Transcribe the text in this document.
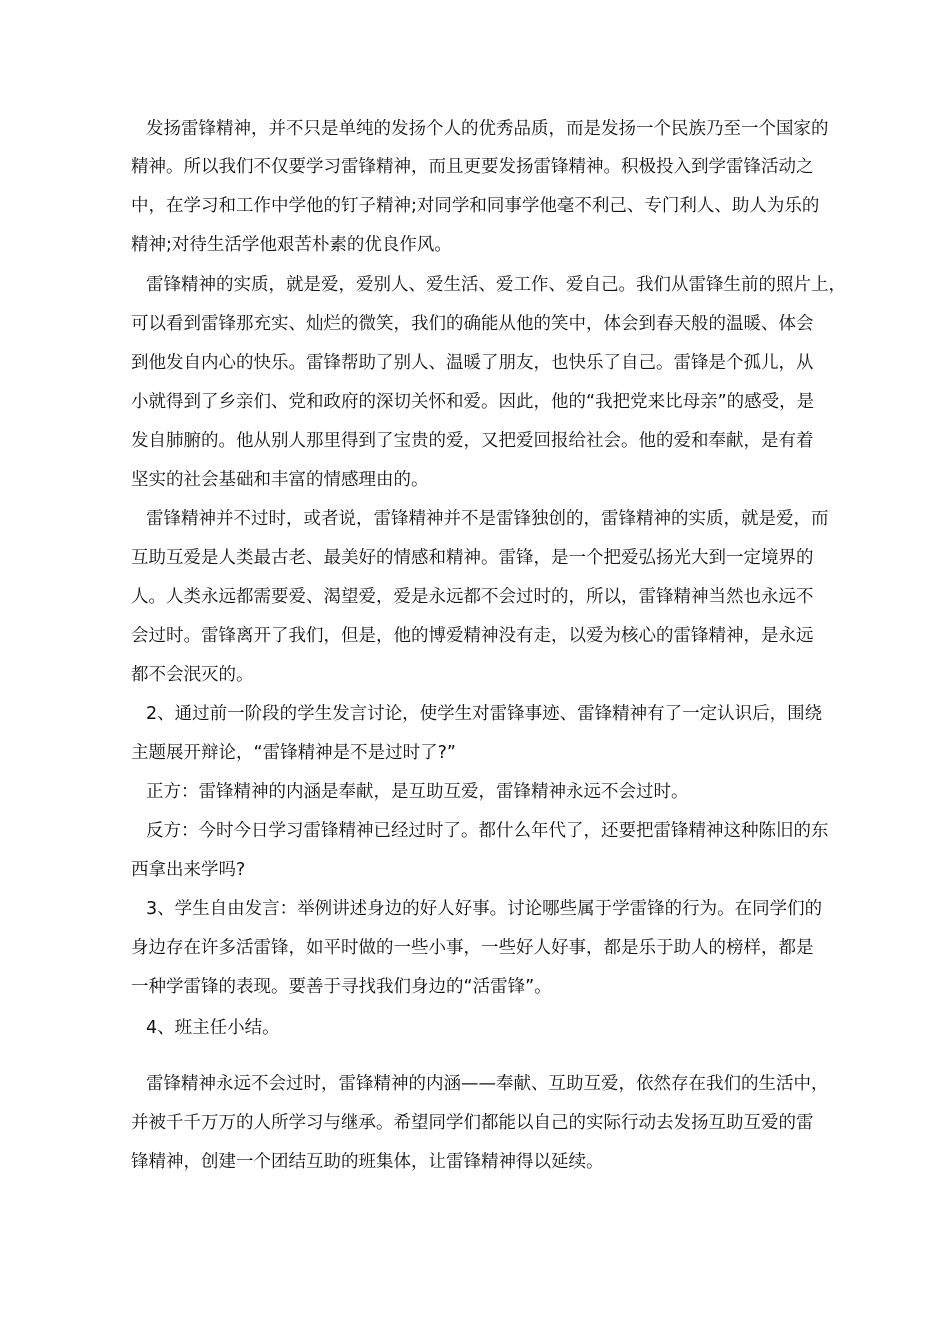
发扬雷锋精神，并不只是单纯的发扬个人的优秀品质，而是发扬一个民族乃至一个国家的
精神。所以我们不仅要学习雷锋精神，而且更要发扬雷锋精神。积极投入到学雷锋活动之
中，在学习和工作中学他的钉子精神;对同学和同事学他毫不利己、专门利人、助人为乐的
精神;对待生活学他艰苦朴素的优良作风。
雷锋精神的实质，就是爱，爱别人、爱生活、爱工作、爱自己。我们从雷锋生前的照片上，
可以看到雷锋那充实、灿烂的微笑，我们的确能从他的笑中，体会到春天般的温暖、体会
到他发自内心的快乐。雷锋帮助了别人、温暖了朋友，也快乐了自己。雷锋是个孤儿，从
小就得到了乡亲们、党和政府的深切关怀和爱。因此，他的“我把党来比母亲”的感受，是
发自肺腑的。他从别人那里得到了宝贵的爱，又把爱回报给社会。他的爱和奉献，是有着
坚实的社会基础和丰富的情感理由的。
雷锋精神并不过时，或者说，雷锋精神并不是雷锋独创的，雷锋精神的实质，就是爱，而
互助互爱是人类最古老、最美好的情感和精神。雷锋，是一个把爱弘扬光大到一定境界的
人。人类永远都需要爱、渴望爱，爱是永远都不会过时的，所以，雷锋精神当然也永远不
会过时。雷锋离开了我们，但是，他的博爱精神没有走，以爱为核心的雷锋精神，是永远
都不会泯灭的。
2、通过前一阶段的学生发言讨论，使学生对雷锋事迹、雷锋精神有了一定认识后，围绕
主题展开辩论，“雷锋精神是不是过时了?”
正方：雷锋精神的内涵是奉献，是互助互爱，雷锋精神永远不会过时。
反方：今时今日学习雷锋精神已经过时了。都什么年代了，还要把雷锋精神这种陈旧的东
西拿出来学吗?
3、学生自由发言：举例讲述身边的好人好事。讨论哪些属于学雷锋的行为。在同学们的
身边存在许多活雷锋，如平时做的一些小事，一些好人好事，都是乐于助人的榜样，都是
一种学雷锋的表现。要善于寻找我们身边的“活雷锋”。
4、班主任小结。
雷锋精神永远不会过时，雷锋精神的内涵——奉献、互助互爱，依然存在我们的生活中，
并被千千万万的人所学习与继承。希望同学们都能以自己的实际行动去发扬互助互爱的雷
锋精神，创建一个团结互助的班集体，让雷锋精神得以延续。
